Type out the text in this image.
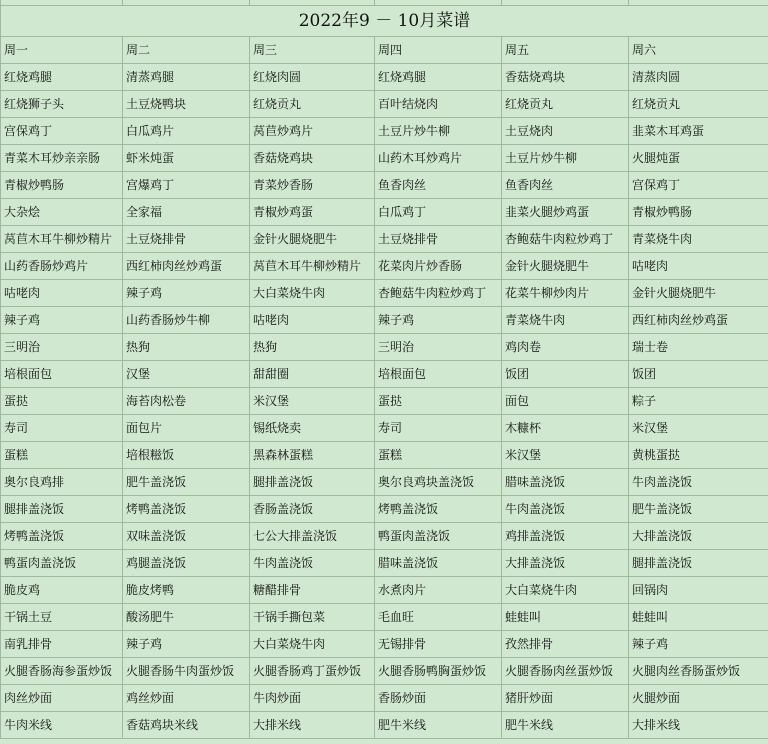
2022年9 － 10月菜谱					
周一	周二	周三	周四	周五	周六
红烧鸡腿	清蒸鸡腿	红烧肉圆	红烧鸡腿	香菇烧鸡块	清蒸肉圆
红烧狮子头	土豆烧鸭块	红烧贡丸	百叶结烧肉	红烧贡丸	红烧贡丸
宫保鸡丁	白瓜鸡片	莴苣炒鸡片	土豆片炒牛柳	土豆烧肉	韭菜木耳鸡蛋
青菜木耳炒亲亲肠	虾米炖蛋	香菇烧鸡块	山药木耳炒鸡片	土豆片炒牛柳	火腿炖蛋
青椒炒鸭肠	宫爆鸡丁	青菜炒香肠	鱼香肉丝	鱼香肉丝	宫保鸡丁
大杂烩	全家福	青椒炒鸡蛋	白瓜鸡丁	韭菜火腿炒鸡蛋	青椒炒鸭肠
莴苣木耳牛柳炒精片	土豆烧排骨	金针火腿烧肥牛	土豆烧排骨	杏鲍菇牛肉粒炒鸡丁	青菜烧牛肉
山药香肠炒鸡片	西红柿肉丝炒鸡蛋	莴苣木耳牛柳炒精片	花菜肉片炒香肠	金针火腿烧肥牛	咕咾肉
咕咾肉	辣子鸡	大白菜烧牛肉	杏鲍菇牛肉粒炒鸡丁	花菜牛柳炒肉片	金针火腿烧肥牛
辣子鸡	山药香肠炒牛柳	咕咾肉	辣子鸡	青菜烧牛肉	西红柿肉丝炒鸡蛋
三明治	热狗	热狗	三明治	鸡肉卷	瑞士卷
培根面包	汉堡	甜甜圈	培根面包	饭团	饭团
蛋挞	海苔肉松卷	米汉堡	蛋挞	面包	粽子
寿司	面包片	锡纸烧卖	寿司	木糠杯	米汉堡
蛋糕	培根糍饭	黑森林蛋糕	蛋糕	米汉堡	黄桃蛋挞
奥尔良鸡排	肥牛盖浇饭	腿排盖浇饭	奥尔良鸡块盖浇饭	腊味盖浇饭	牛肉盖浇饭
腿排盖浇饭	烤鸭盖浇饭	香肠盖浇饭	烤鸭盖浇饭	牛肉盖浇饭	肥牛盖浇饭
烤鸭盖浇饭	双味盖浇饭	七公大排盖浇饭	鸭蛋肉盖浇饭	鸡排盖浇饭	大排盖浇饭
鸭蛋肉盖浇饭	鸡腿盖浇饭	牛肉盖浇饭	腊味盖浇饭	大排盖浇饭	腿排盖浇饭
脆皮鸡	脆皮烤鸭	糖醋排骨	水煮肉片	大白菜烧牛肉	回锅肉
干锅土豆	酸汤肥牛	干锅手撕包菜	毛血旺	蛙蛙叫	蛙蛙叫
南乳排骨	辣子鸡	大白菜烧牛肉	无锡排骨	孜然排骨	辣子鸡
火腿香肠海参蛋炒饭	火腿香肠牛肉蛋炒饭	火腿香肠鸡丁蛋炒饭	火腿香肠鸭胸蛋炒饭	火腿香肠肉丝蛋炒饭	火腿肉丝香肠蛋炒饭
肉丝炒面	鸡丝炒面	牛肉炒面	香肠炒面	猪肝炒面	火腿炒面
牛肉米线	香菇鸡块米线	大排米线	肥牛米线	肥牛米线	大排米线
